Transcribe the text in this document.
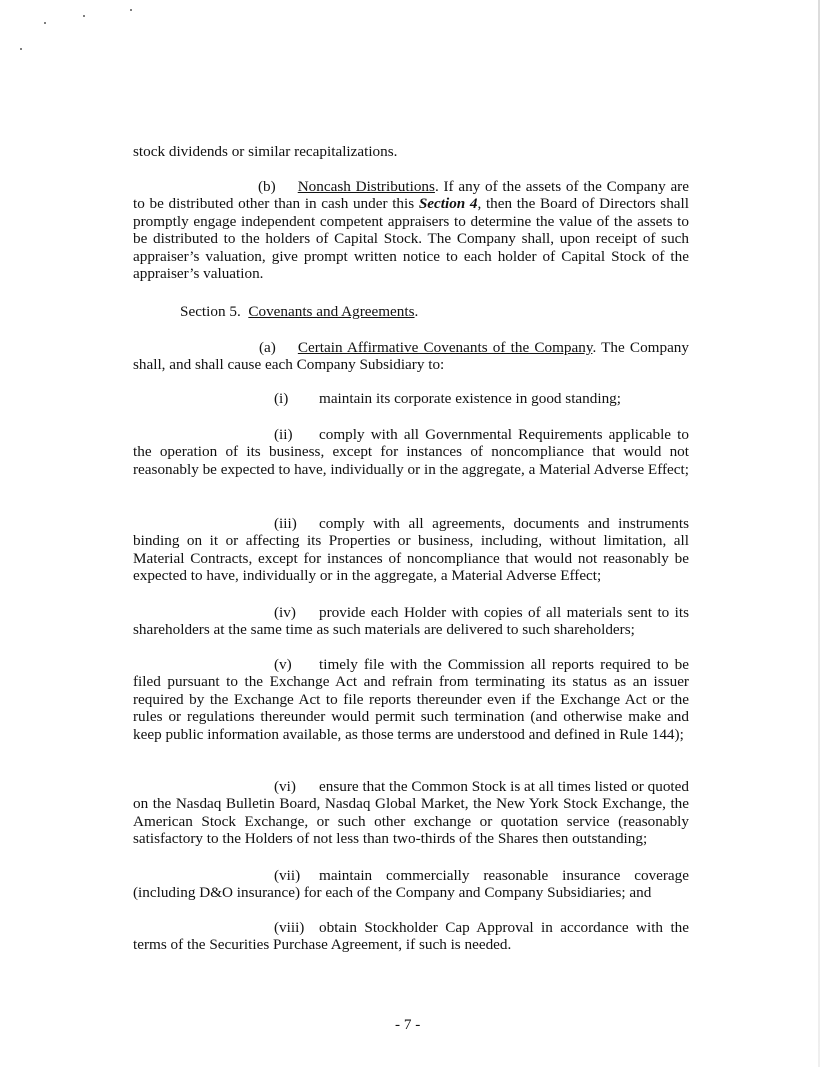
stock dividends or similar recapitalizations.

(b) Noncash Distributions. If any of the assets of the Company are to be distributed other than in cash under this Section 4, then the Board of Directors shall promptly engage independent competent appraisers to determine the value of the assets to be distributed to the holders of Capital Stock. The Company shall, upon receipt of such appraiser’s valuation, give prompt written notice to each holder of Capital Stock of the appraiser’s valuation.

Section 5. Covenants and Agreements.

(a) Certain Affirmative Covenants of the Company. The Company shall, and shall cause each Company Subsidiary to:

(i) maintain its corporate existence in good standing;

(ii) comply with all Governmental Requirements applicable to the operation of its business, except for instances of noncompliance that would not reasonably be expected to have, individually or in the aggregate, a Material Adverse Effect;

(iii) comply with all agreements, documents and instruments binding on it or affecting its Properties or business, including, without limitation, all Material Contracts, except for instances of noncompliance that would not reasonably be expected to have, individually or in the aggregate, a Material Adverse Effect;

(iv) provide each Holder with copies of all materials sent to its shareholders at the same time as such materials are delivered to such shareholders;

(v) timely file with the Commission all reports required to be filed pursuant to the Exchange Act and refrain from terminating its status as an issuer required by the Exchange Act to file reports thereunder even if the Exchange Act or the rules or regulations thereunder would permit such termination (and otherwise make and keep public information available, as those terms are understood and defined in Rule 144);

(vi) ensure that the Common Stock is at all times listed or quoted on the Nasdaq Bulletin Board, Nasdaq Global Market, the New York Stock Exchange, the American Stock Exchange, or such other exchange or quotation service (reasonably satisfactory to the Holders of not less than two-thirds of the Shares then outstanding;

(vii) maintain commercially reasonable insurance coverage (including D&O insurance) for each of the Company and Company Subsidiaries; and

(viii) obtain Stockholder Cap Approval in accordance with the terms of the Securities Purchase Agreement, if such is needed.

- 7 -
